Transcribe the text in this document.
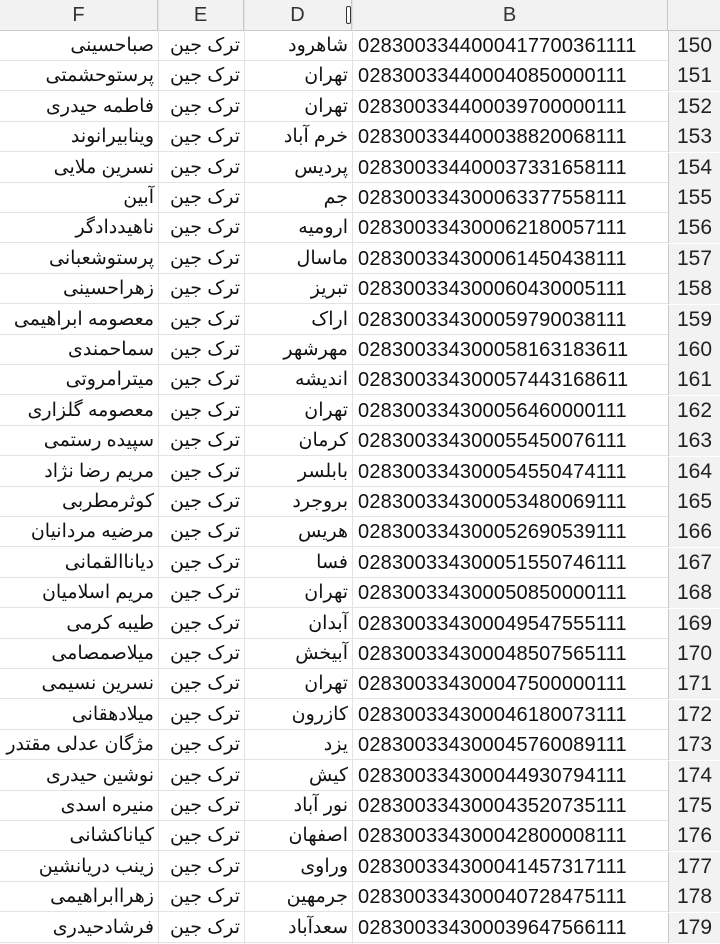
F	E	D	B
صباحسینی ترک جین	شاهرود 0283003344000417700361111	150
پرستوحشمتی ترک جین	تهران 028300334400040850000111	151
فاطمه حیدری ترک جین	تهران 028300334400039700000111	152
وینابیرانوند ترک جین	خرم آباد 028300334400038820068111	153
نسرین ملایی ترک جین	پردیس 028300334400037331658111	154
آبین ترک جین	جم 028300334300063377558111	155
ناهیددادگر ترک جین	ارومیه 028300334300062180057111	156
پرستوشعبانی ترک جین	ماسال 028300334300061450438111	157
زهراحسینی ترک جین	تبریز 028300334300060430005111	158
معصومه ابراهیمی ترک جین	اراک 028300334300059790038111	159
سماحمندی ترک جین	مهرشهر 028300334300058163183611	160
میترامروتی ترک جین	اندیشه 028300334300057443168611	161
معصومه گلزاری ترک جین	تهران 028300334300056460000111	162
سپیده رستمی ترک جین	کرمان 028300334300055450076111	163
مریم رضا نژاد ترک جین	بابلسر 028300334300054550474111	164
کوثرمطربی ترک جین	بروجرد 028300334300053480069111	165
مرضیه مردانیان ترک جین	هریس 028300334300052690539111	166
دیاناالقمانی ترک جین	فسا 028300334300051550746111	167
مریم اسلامیان ترک جین	تهران 028300334300050850000111	168
طیبه کرمی ترک جین	آبدان 028300334300049547555111	169
میلاصمصامی ترک جین	آبیخش 028300334300048507565111	170
نسرین نسیمی ترک جین	تهران 028300334300047500000111	171
میلادهقانی ترک جین	کازرون 028300334300046180073111	172
مژگان عدلی مقتدر ترک جین	یزد 028300334300045760089111	173
نوشین حیدری ترک جین	کیش 028300334300044930794111	174
منیره اسدی ترک جین	نور آباد 028300334300043520735111	175
کیاناکشانی ترک جین	اصفهان 028300334300042800008111	176
زینب دریانشین ترک جین	وراوی 028300334300041457317111	177
زهراابراهیمی ترک جین	جرمهین 028300334300040728475111	178
فرشادحیدری ترک جین	سعدآباد 028300334300039647566111	179
